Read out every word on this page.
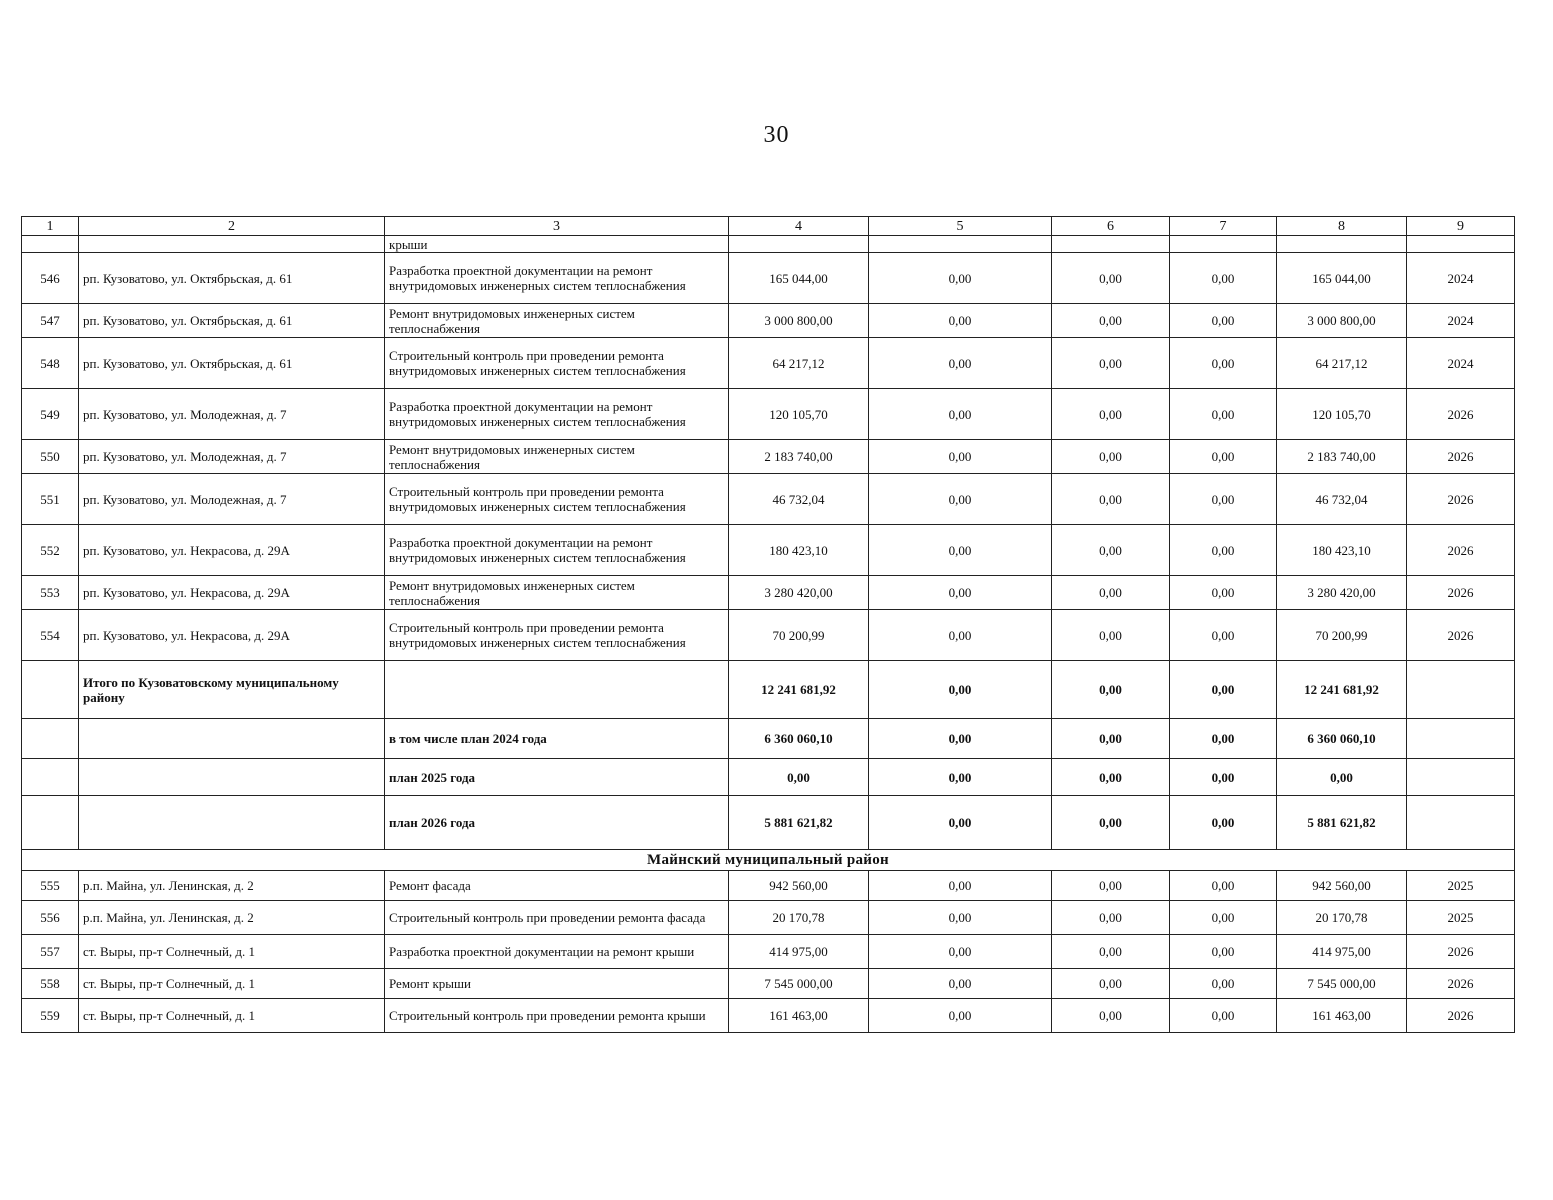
30
1	2	3	4	5	6	7	8	9
		крыши						
546	рп. Кузоватово, ул. Октябрьская, д. 61	Разработка проектной документации на ремонт внутридомовых инженерных систем теплоснабжения	165 044,00	0,00	0,00	0,00	165 044,00	2024
547	рп. Кузоватово, ул. Октябрьская, д. 61	Ремонт внутридомовых инженерных систем теплоснабжения	3 000 800,00	0,00	0,00	0,00	3 000 800,00	2024
548	рп. Кузоватово, ул. Октябрьская, д. 61	Строительный контроль при проведении ремонта внутридомовых инженерных систем теплоснабжения	64 217,12	0,00	0,00	0,00	64 217,12	2024
549	рп. Кузоватово, ул. Молодежная, д. 7	Разработка проектной документации на ремонт внутридомовых инженерных систем теплоснабжения	120 105,70	0,00	0,00	0,00	120 105,70	2026
550	рп. Кузоватово, ул. Молодежная, д. 7	Ремонт внутридомовых инженерных систем теплоснабжения	2 183 740,00	0,00	0,00	0,00	2 183 740,00	2026
551	рп. Кузоватово, ул. Молодежная, д. 7	Строительный контроль при проведении ремонта внутридомовых инженерных систем теплоснабжения	46 732,04	0,00	0,00	0,00	46 732,04	2026
552	рп. Кузоватово, ул. Некрасова, д. 29А	Разработка проектной документации на ремонт внутридомовых инженерных систем теплоснабжения	180 423,10	0,00	0,00	0,00	180 423,10	2026
553	рп. Кузоватово, ул. Некрасова, д. 29А	Ремонт внутридомовых инженерных систем теплоснабжения	3 280 420,00	0,00	0,00	0,00	3 280 420,00	2026
554	рп. Кузоватово, ул. Некрасова, д. 29А	Строительный контроль при проведении ремонта внутридомовых инженерных систем теплоснабжения	70 200,99	0,00	0,00	0,00	70 200,99	2026
	Итого по Кузоватовскому муниципальному району		12 241 681,92	0,00	0,00	0,00	12 241 681,92	
		в том числе план 2024 года	6 360 060,10	0,00	0,00	0,00	6 360 060,10	
		план 2025 года	0,00	0,00	0,00	0,00	0,00	
		план 2026 года	5 881 621,82	0,00	0,00	0,00	5 881 621,82	
Майнский муниципальный район								
555	р.п. Майна, ул. Ленинская, д. 2	Ремонт фасада	942 560,00	0,00	0,00	0,00	942 560,00	2025
556	р.п. Майна, ул. Ленинская, д. 2	Строительный контроль при проведении ремонта фасада	20 170,78	0,00	0,00	0,00	20 170,78	2025
557	ст. Выры, пр-т Солнечный, д. 1	Разработка проектной документации на ремонт крыши	414 975,00	0,00	0,00	0,00	414 975,00	2026
558	ст. Выры, пр-т Солнечный, д. 1	Ремонт крыши	7 545 000,00	0,00	0,00	0,00	7 545 000,00	2026
559	ст. Выры, пр-т Солнечный, д. 1	Строительный контроль при проведении ремонта крыши	161 463,00	0,00	0,00	0,00	161 463,00	2026
